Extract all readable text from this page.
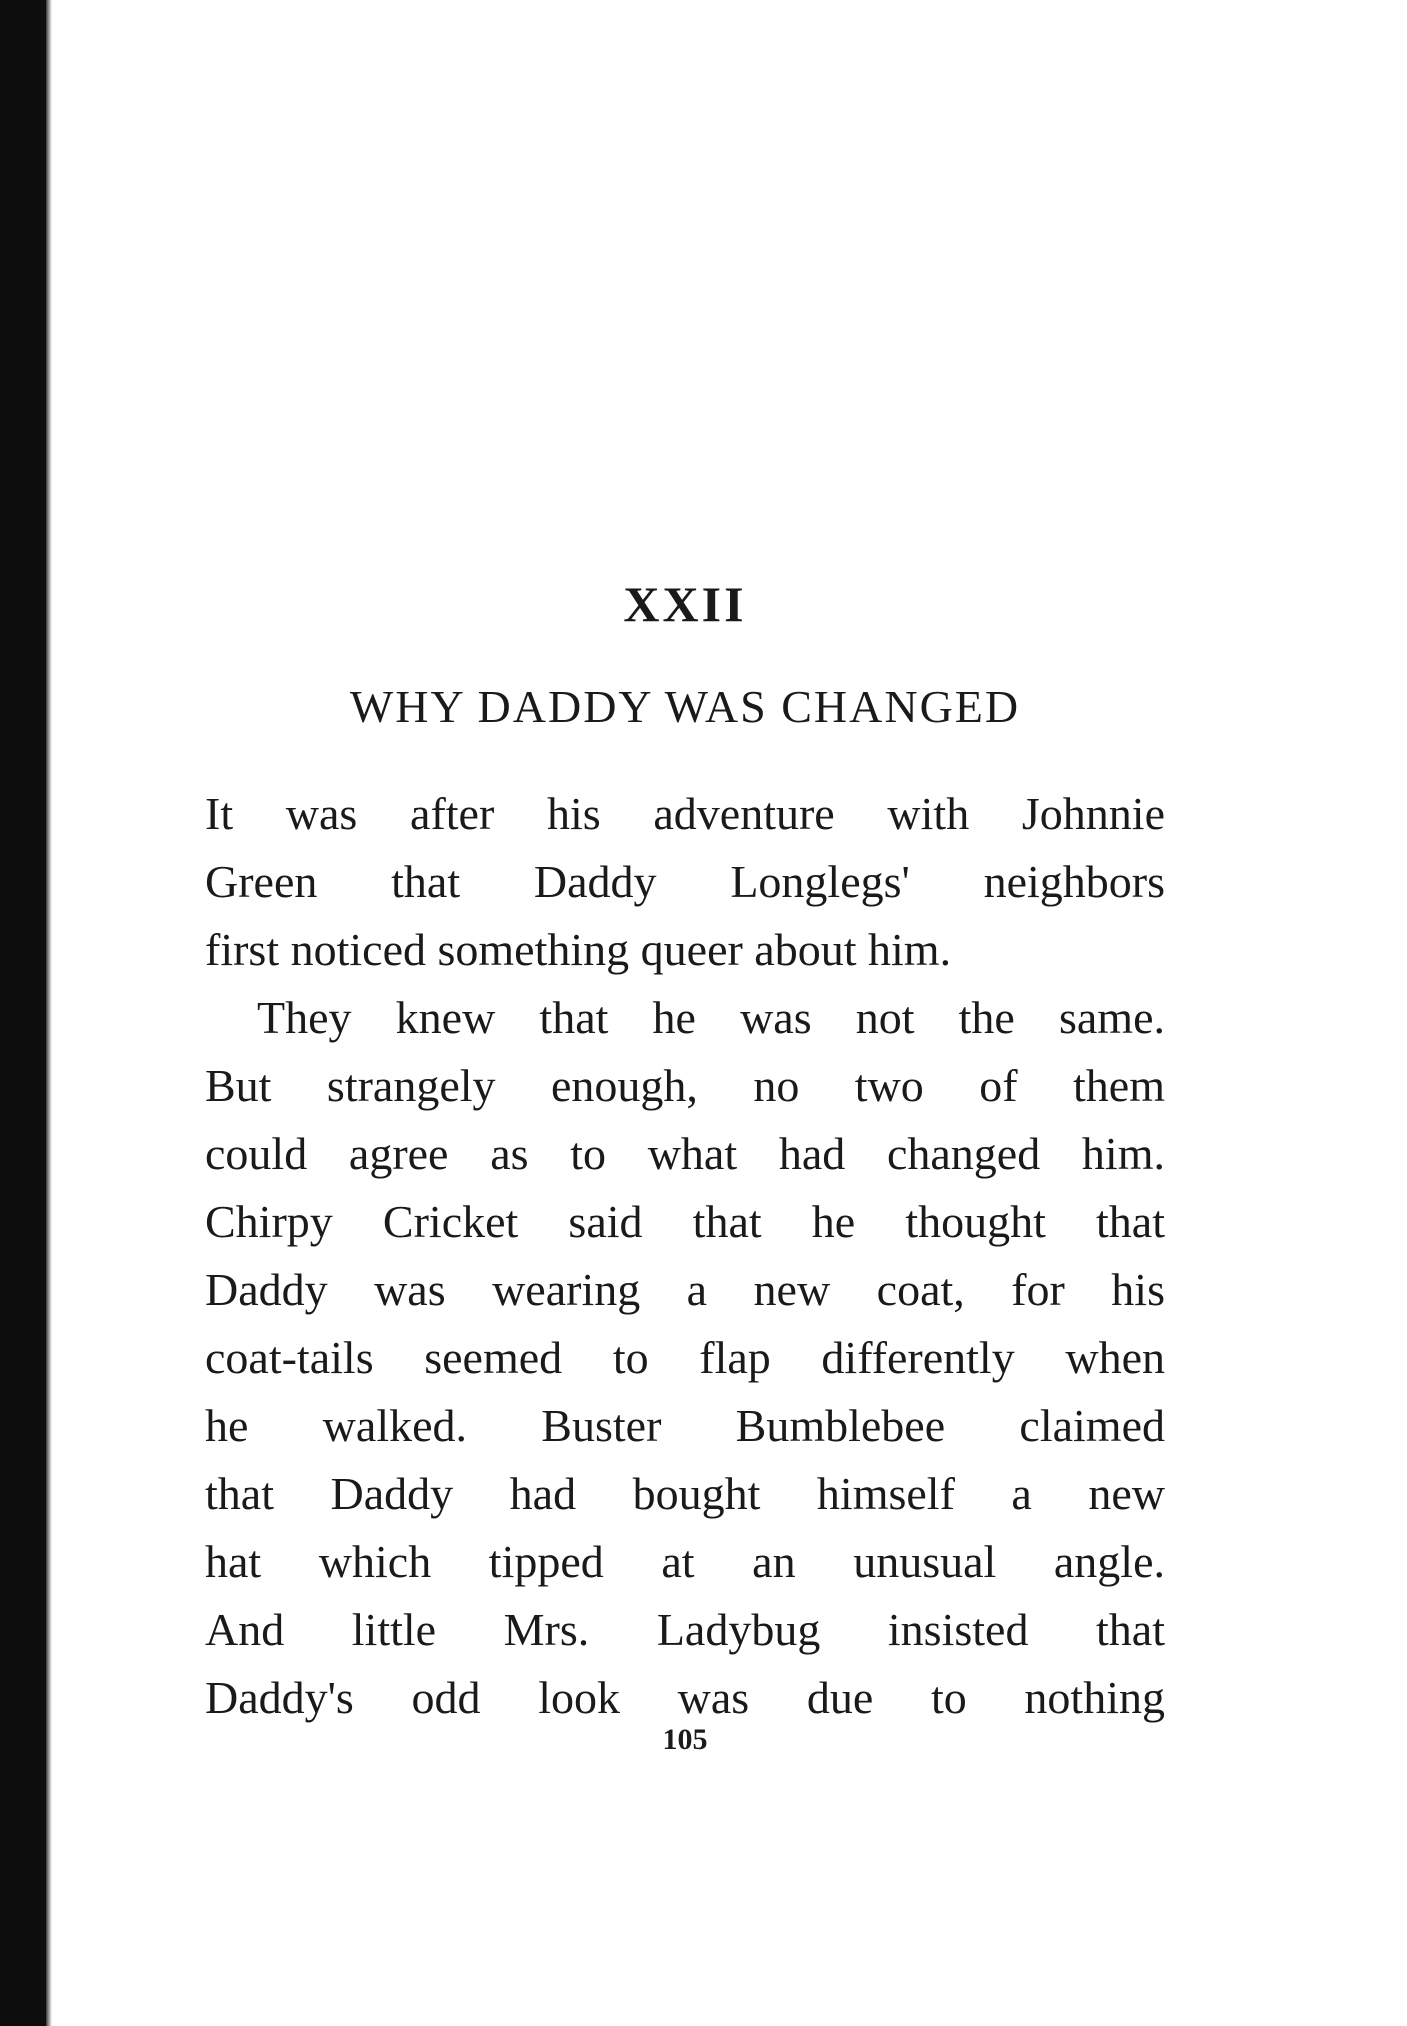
XXII
WHY DADDY WAS CHANGED
It was after his adventure with Johnnie
Green that Daddy Longlegs' neighbors
first noticed something queer about him.
They knew that he was not the same.
But strangely enough, no two of them
could agree as to what had changed him.
Chirpy Cricket said that he thought that
Daddy was wearing a new coat, for his
coat-tails seemed to flap differently when
he walked. Buster Bumblebee claimed
that Daddy had bought himself a new
hat which tipped at an unusual angle.
And little Mrs. Ladybug insisted that
Daddy's odd look was due to nothing
105
